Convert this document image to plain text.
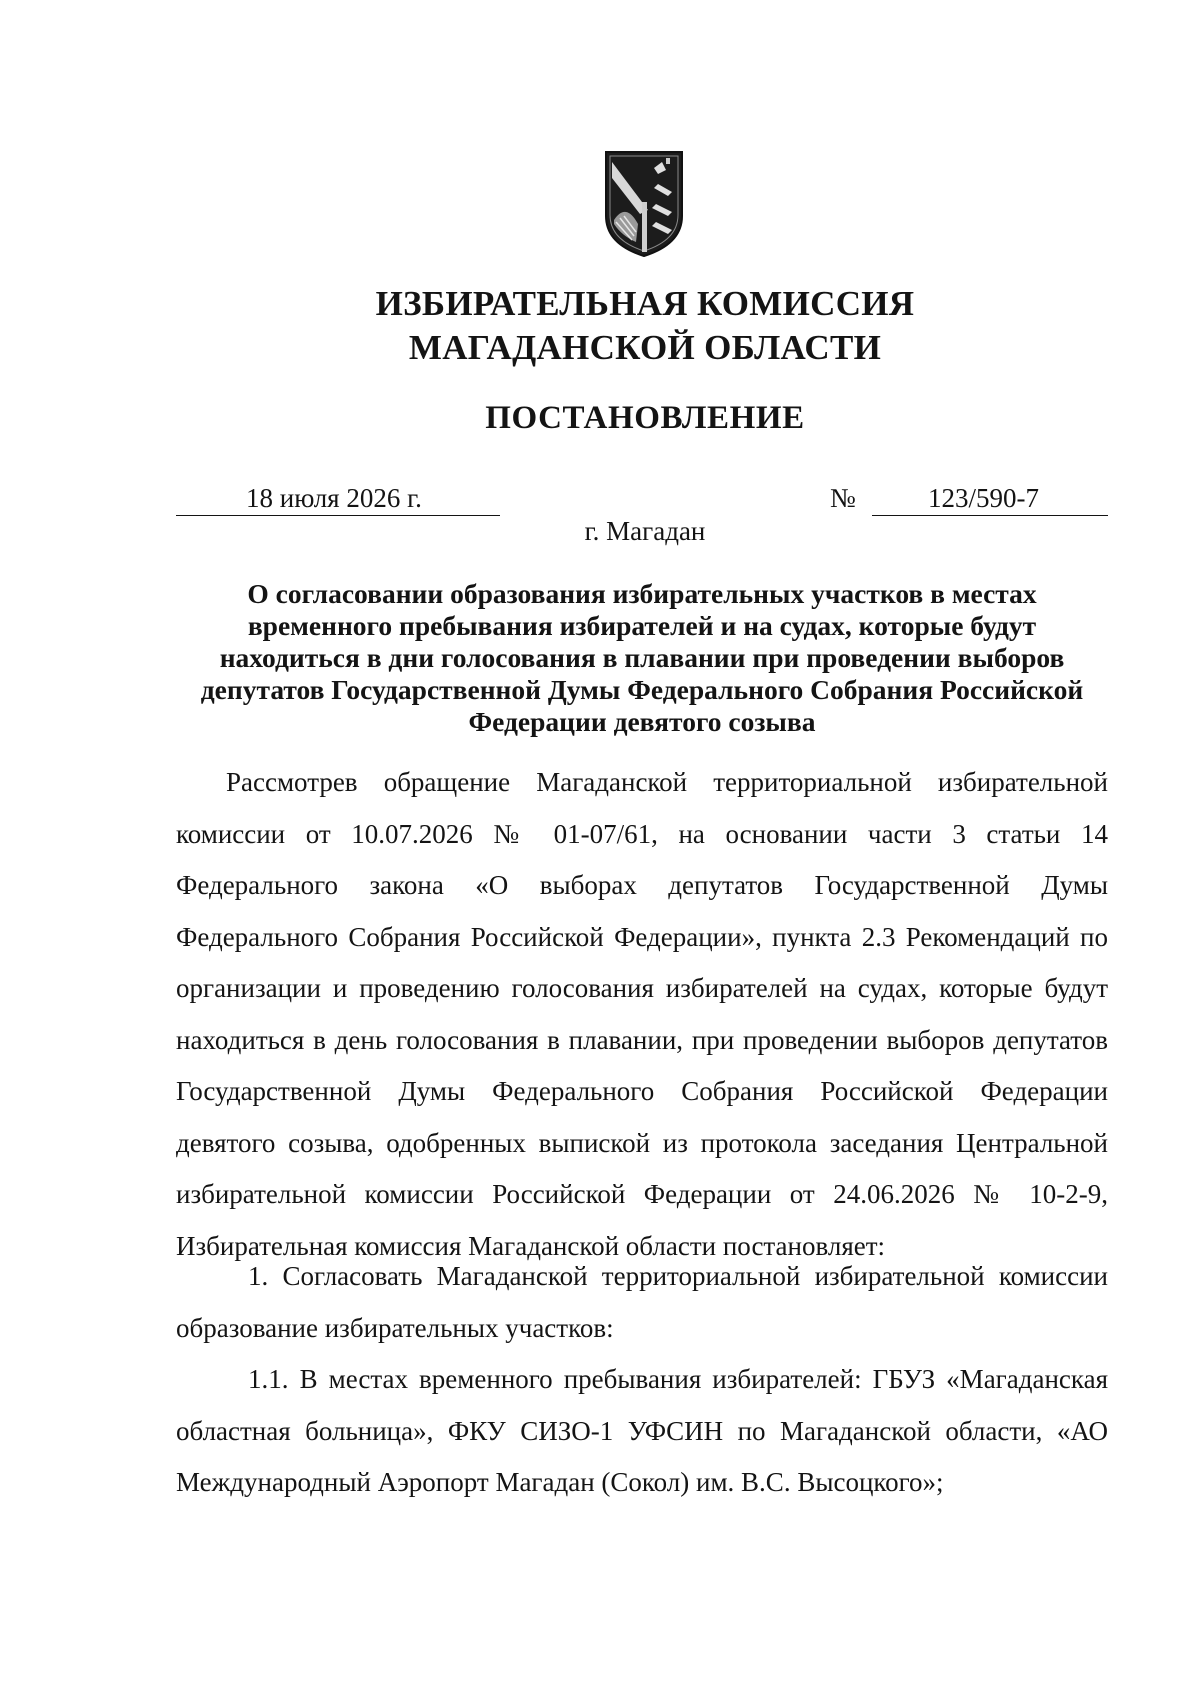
ИЗБИРАТЕЛЬНАЯ КОМИССИЯ
МАГАДАНСКОЙ ОБЛАСТИ
ПОСТАНОВЛЕНИЕ
18 июля 2026 г.	№	123/590-7
г. Магадан
О согласовании образования избирательных участков в местах временного пребывания избирателей и на судах, которые будут находиться в дни голосования в плавании при проведении выборов депутатов Государственной Думы Федерального Собрания Российской Федерации девятого созыва
Рассмотрев обращение Магаданской территориальной избирательной комиссии от 10.07.2026 № 01-07/61, на основании части 3 статьи 14 Федерального закона «О выборах депутатов Государственной Думы Федерального Собрания Российской Федерации», пункта 2.3 Рекомендаций по организации и проведению голосования избирателей на судах, которые будут находиться в день голосования в плавании, при проведении выборов депутатов Государственной Думы Федерального Собрания Российской Федерации девятого созыва, одобренных выпиской из протокола заседания Центральной избирательной комиссии Российской Федерации от 24.06.2026 № 10-2-9, Избирательная комиссия Магаданской области постановляет:
1. Согласовать Магаданской территориальной избирательной комиссии образование избирательных участков:
1.1. В местах временного пребывания избирателей: ГБУЗ «Магаданская областная больница», ФКУ СИЗО-1 УФСИН по Магаданской области, «АО Международный Аэропорт Магадан (Сокол) им. В.С. Высоцкого»;
